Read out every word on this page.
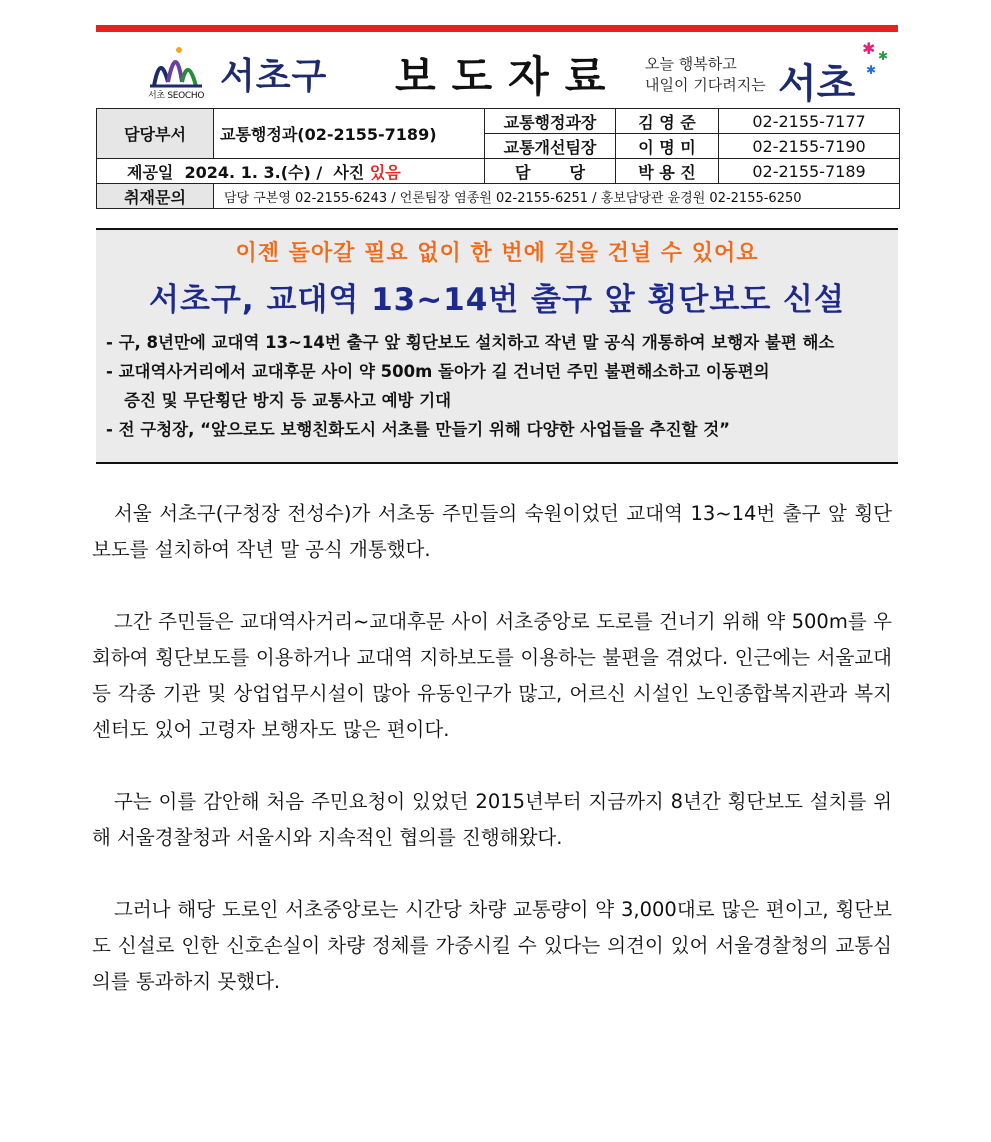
서초 SEOCHO 서초구 보도자료 오늘 행복하고
내일이 기다려지는 서초
✱ ✱
✱
담당부서	교통행정과(02-2155-7189)	교통행정과장	김 영 준	02-2155-7177
		교통개선팀장	이 명 미	02-2155-7190
제공일 2024. 1. 3.(수) / 사진 있음		담       당	박 용 진	02-2155-7189
취재문의	담당 구본영 02-2155-6243 / 언론팀장 염종원 02-2155-6251 / 홍보담당관 윤경원 02-2155-6250			
이젠 돌아갈 필요 없이 한 번에 길을 건널 수 있어요
서초구, 교대역 13~14번 출구 앞 횡단보도 신설
- 구, 8년만에 교대역 13~14번 출구 앞 횡단보도 설치하고 작년 말 공식 개통하여 보행자 불편 해소
- 교대역사거리에서 교대후문 사이 약 500m 돌아가 길 건너던 주민 불편해소하고 이동편의
증진 및 무단횡단 방지 등 교통사고 예방 기대
- 전 구청장, “앞으로도 보행친화도시 서초를 만들기 위해 다양한 사업들을 추진할 것”

서울 서초구(구청장 전성수)가 서초동 주민들의 숙원이었던 교대역 13~14번 출구 앞 횡단보도를 설치하여 작년 말 공식 개통했다.

그간 주민들은 교대역사거리~교대후문 사이 서초중앙로 도로를 건너기 위해 약 500m를 우회하여 횡단보도를 이용하거나 교대역 지하보도를 이용하는 불편을 겪었다. 인근에는 서울교대 등 각종 기관 및 상업업무시설이 많아 유동인구가 많고, 어르신 시설인 노인종합복지관과 복지센터도 있어 고령자 보행자도 많은 편이다.

구는 이를 감안해 처음 주민요청이 있었던 2015년부터 지금까지 8년간 횡단보도 설치를 위해 서울경찰청과 서울시와 지속적인 협의를 진행해왔다.

그러나 해당 도로인 서초중앙로는 시간당 차량 교통량이 약 3,000대로 많은 편이고, 횡단보도 신설로 인한 신호손실이 차량 정체를 가중시킬 수 있다는 의견이 있어 서울경찰청의 교통심의를 통과하지 못했다.
